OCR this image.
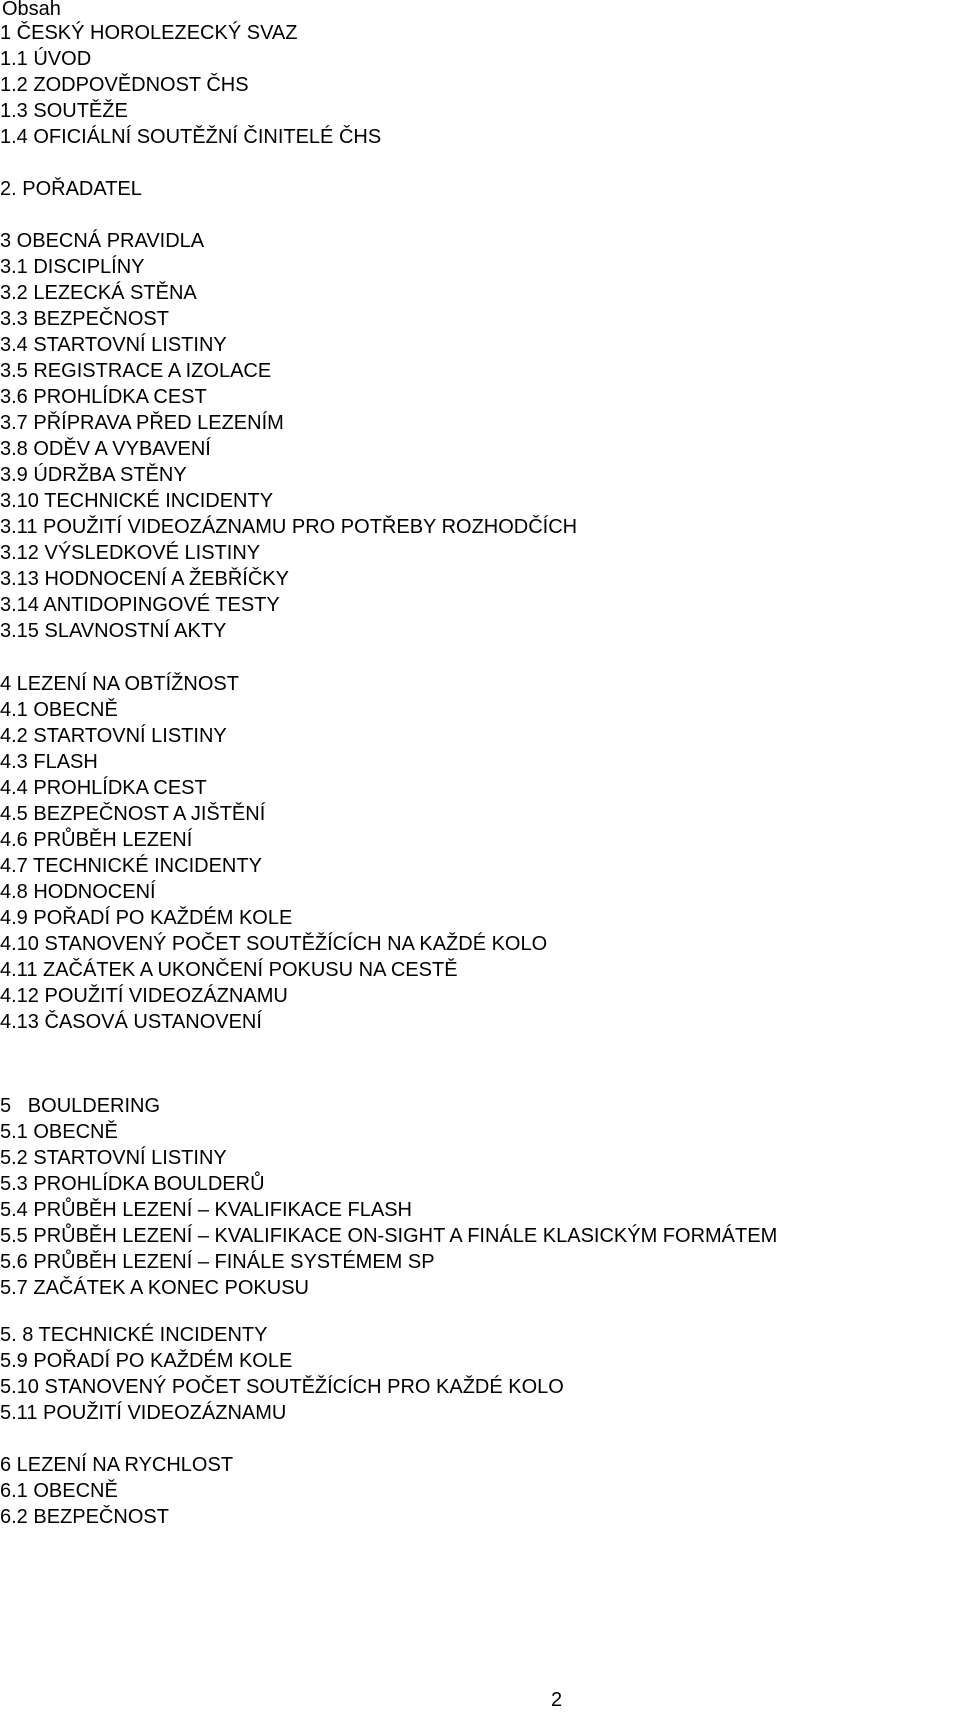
Obsah
1 ČESKÝ HOROLEZECKÝ SVAZ
1.1 ÚVOD
1.2 ZODPOVĚDNOST ČHS
1.3 SOUTĚŽE
1.4 OFICIÁLNÍ SOUTĚŽNÍ ČINITELÉ ČHS
2. POŘADATEL
3 OBECNÁ PRAVIDLA
3.1 DISCIPLÍNY
3.2 LEZECKÁ STĚNA
3.3 BEZPEČNOST
3.4 STARTOVNÍ LISTINY
3.5 REGISTRACE A IZOLACE
3.6 PROHLÍDKA CEST
3.7 PŘÍPRAVA PŘED LEZENÍM
3.8 ODĚV A VYBAVENÍ
3.9 ÚDRŽBA STĚNY
3.10 TECHNICKÉ INCIDENTY
3.11 POUŽITÍ VIDEOZÁZNAMU PRO POTŘEBY ROZHODČÍCH
3.12 VÝSLEDKOVÉ LISTINY
3.13 HODNOCENÍ A ŽEBŘÍČKY
3.14 ANTIDOPINGOVÉ TESTY
3.15 SLAVNOSTNÍ AKTY
4 LEZENÍ NA OBTÍŽNOST
4.1 OBECNĚ
4.2 STARTOVNÍ LISTINY
4.3 FLASH
4.4 PROHLÍDKA CEST
4.5 BEZPEČNOST A JIŠTĚNÍ
4.6 PRŮBĚH LEZENÍ
4.7 TECHNICKÉ INCIDENTY
4.8 HODNOCENÍ
4.9 POŘADÍ PO KAŽDÉM KOLE
4.10 STANOVENÝ POČET SOUTĚŽÍCÍCH NA KAŽDÉ KOLO
4.11 ZAČÁTEK A UKONČENÍ POKUSU NA CESTĚ
4.12 POUŽITÍ VIDEOZÁZNAMU
4.13 ČASOVÁ USTANOVENÍ
5   BOULDERING
5.1 OBECNĚ
5.2 STARTOVNÍ LISTINY
5.3 PROHLÍDKA BOULDERŮ
5.4 PRŮBĚH LEZENÍ – KVALIFIKACE FLASH
5.5 PRŮBĚH LEZENÍ – KVALIFIKACE ON-SIGHT A FINÁLE KLASICKÝM FORMÁTEM
5.6 PRŮBĚH LEZENÍ – FINÁLE SYSTÉMEM SP
5.7 ZAČÁTEK A KONEC POKUSU
5. 8 TECHNICKÉ INCIDENTY
5.9 POŘADÍ PO KAŽDÉM KOLE
5.10 STANOVENÝ POČET SOUTĚŽÍCÍCH PRO KAŽDÉ KOLO
5.11 POUŽITÍ VIDEOZÁZNAMU
6 LEZENÍ NA RYCHLOST
6.1 OBECNĚ
6.2 BEZPEČNOST
2
